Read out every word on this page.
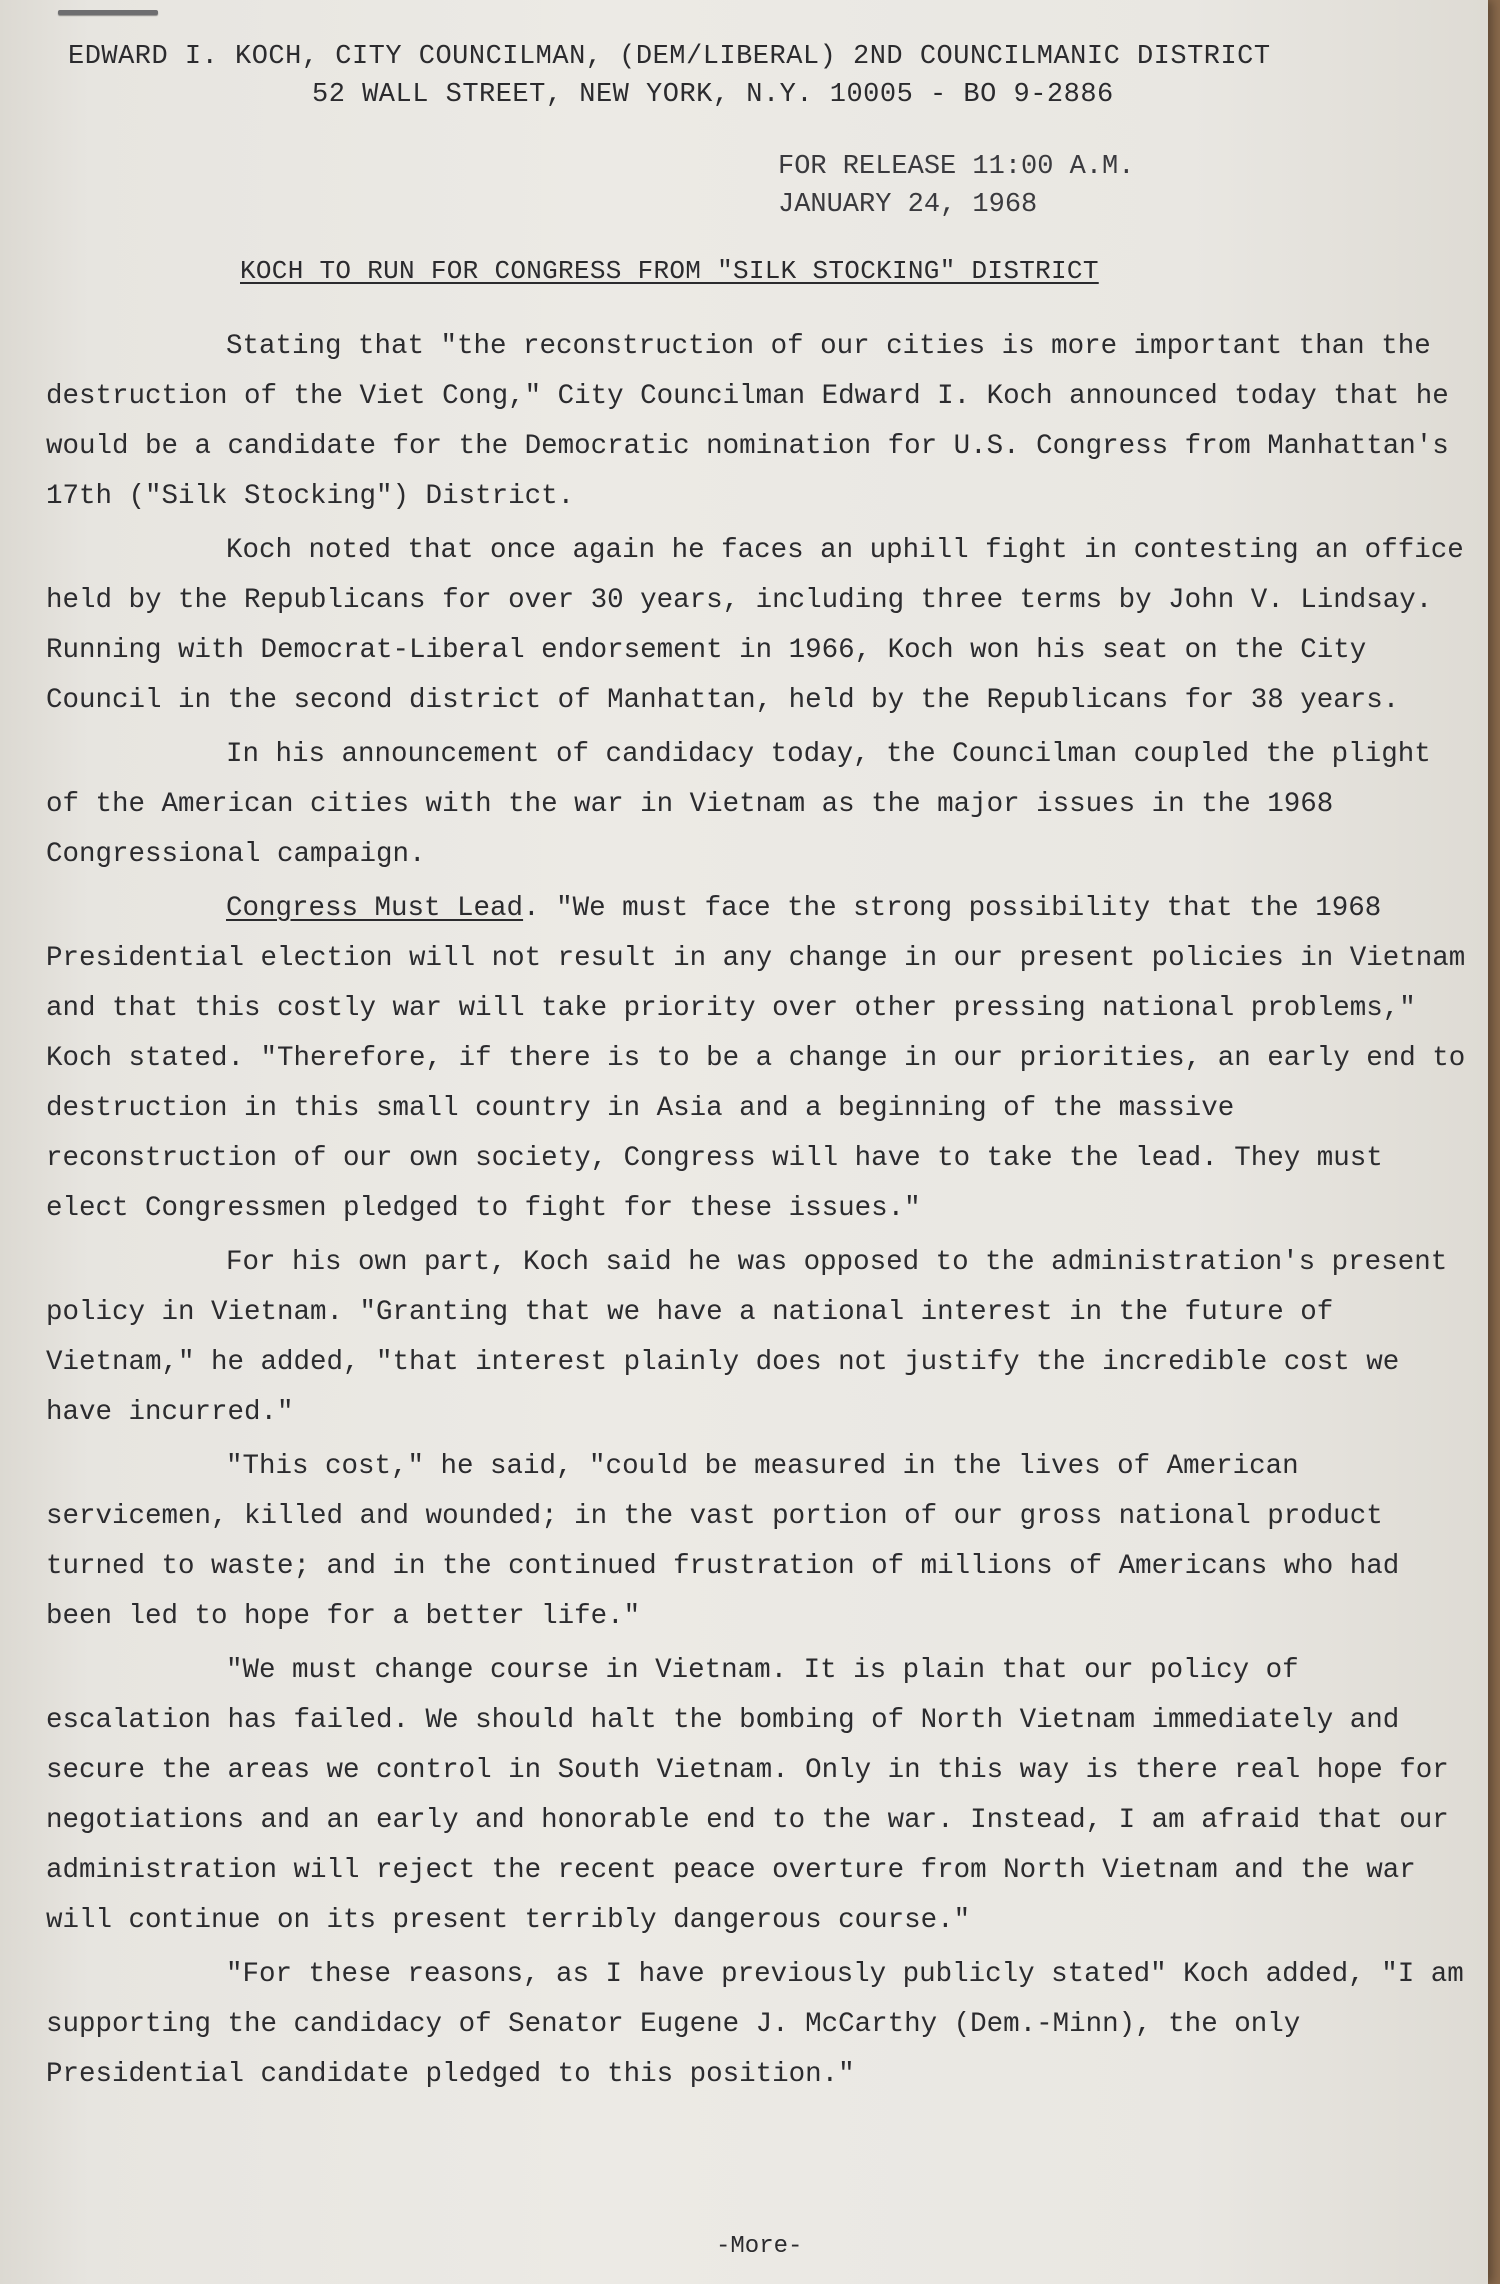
EDWARD I. KOCH, CITY COUNCILMAN, (DEM/LIBERAL) 2ND COUNCILMANIC DISTRICT
52 WALL STREET, NEW YORK, N.Y. 10005 - BO 9-2886
FOR RELEASE 11:00 A.M.
JANUARY 24, 1968
KOCH TO RUN FOR CONGRESS FROM "SILK STOCKING" DISTRICT

Stating that "the reconstruction of our cities is more important than the destruction of the Viet Cong," City Councilman Edward I. Koch announced today that he would be a candidate for the Democratic nomination for U.S. Congress from Manhattan's 17th ("Silk Stocking") District.

Koch noted that once again he faces an uphill fight in contesting an office held by the Republicans for over 30 years, including three terms by John V. Lindsay. Running with Democrat-Liberal endorsement in 1966, Koch won his seat on the City Council in the second district of Manhattan, held by the Republicans for 38 years.

In his announcement of candidacy today, the Councilman coupled the plight of the American cities with the war in Vietnam as the major issues in the 1968 Congressional campaign.

Congress Must Lead. "We must face the strong possibility that the 1968 Presidential election will not result in any change in our present policies in Vietnam and that this costly war will take priority over other pressing national problems," Koch stated. "Therefore, if there is to be a change in our priorities, an early end to destruction in this small country in Asia and a beginning of the massive reconstruction of our own society, Congress will have to take the lead. They must elect Congressmen pledged to fight for these issues."

For his own part, Koch said he was opposed to the administration's present policy in Vietnam. "Granting that we have a national interest in the future of Vietnam," he added, "that interest plainly does not justify the incredible cost we have incurred."

"This cost," he said, "could be measured in the lives of American servicemen, killed and wounded; in the vast portion of our gross national product turned to waste; and in the continued frustration of millions of Americans who had been led to hope for a better life."

"We must change course in Vietnam. It is plain that our policy of escalation has failed. We should halt the bombing of North Vietnam immediately and secure the areas we control in South Vietnam. Only in this way is there real hope for negotiations and an early and honorable end to the war. Instead, I am afraid that our administration will reject the recent peace overture from North Vietnam and the war will continue on its present terribly dangerous course."

"For these reasons, as I have previously publicly stated" Koch added, "I am supporting the candidacy of Senator Eugene J. McCarthy (Dem.-Minn), the only Presidential candidate pledged to this position."

-More-
